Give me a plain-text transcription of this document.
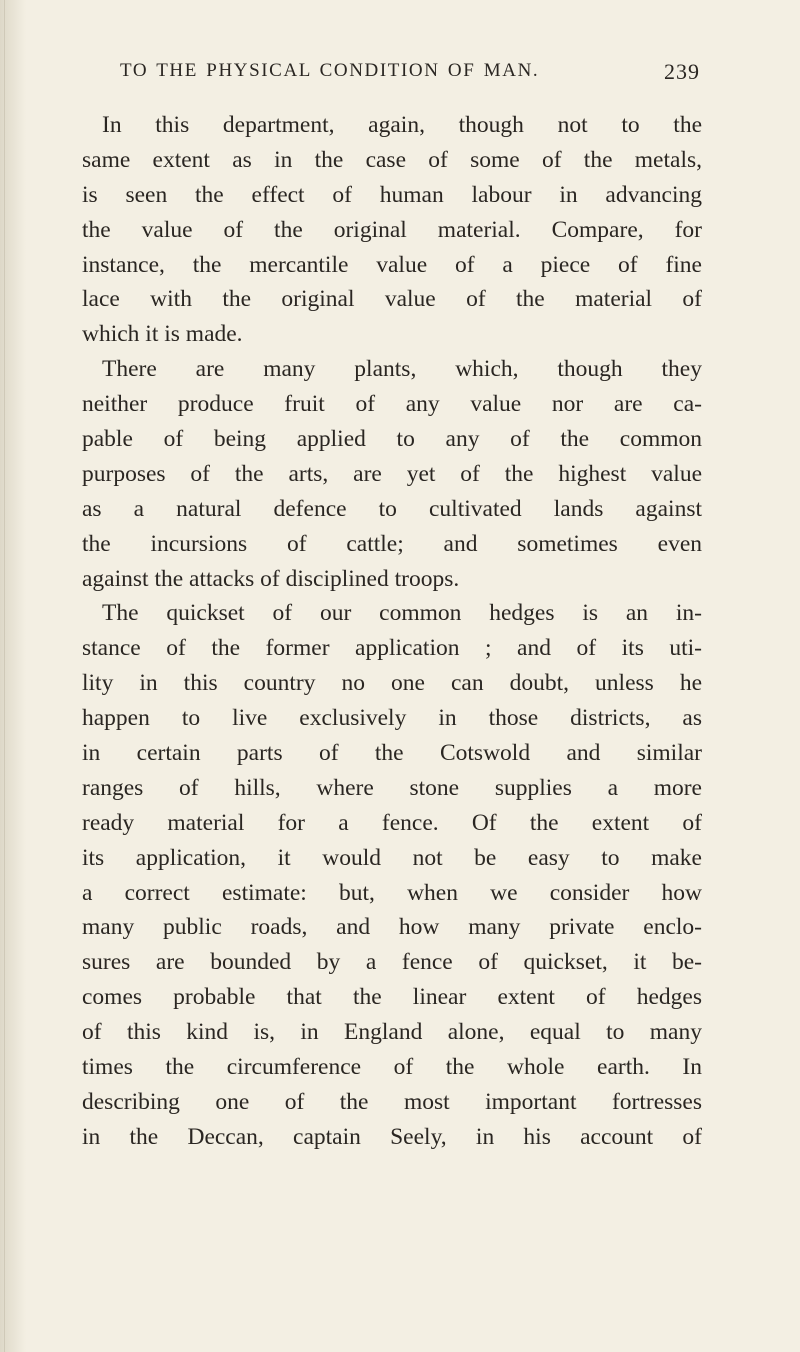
TO THE PHYSICAL CONDITION OF MAN.	239
In this department, again, though not to the
same extent as in the case of some of the metals,
is seen the effect of human labour in advancing
the value of the original material. Compare, for
instance, the mercantile value of a piece of fine
lace with the original value of the material of
which it is made.
There are many plants, which, though they
neither produce fruit of any value nor are ca-
pable of being applied to any of the common
purposes of the arts, are yet of the highest value
as a natural defence to cultivated lands against
the incursions of cattle; and sometimes even
against the attacks of disciplined troops.
The quickset of our common hedges is an in-
stance of the former application ; and of its uti-
lity in this country no one can doubt, unless he
happen to live exclusively in those districts, as
in certain parts of the Cotswold and similar
ranges of hills, where stone supplies a more
ready material for a fence. Of the extent of
its application, it would not be easy to make
a correct estimate: but, when we consider how
many public roads, and how many private enclo-
sures are bounded by a fence of quickset, it be-
comes probable that the linear extent of hedges
of this kind is, in England alone, equal to many
times the circumference of the whole earth. In
describing one of the most important fortresses
in the Deccan, captain Seely, in his account of
